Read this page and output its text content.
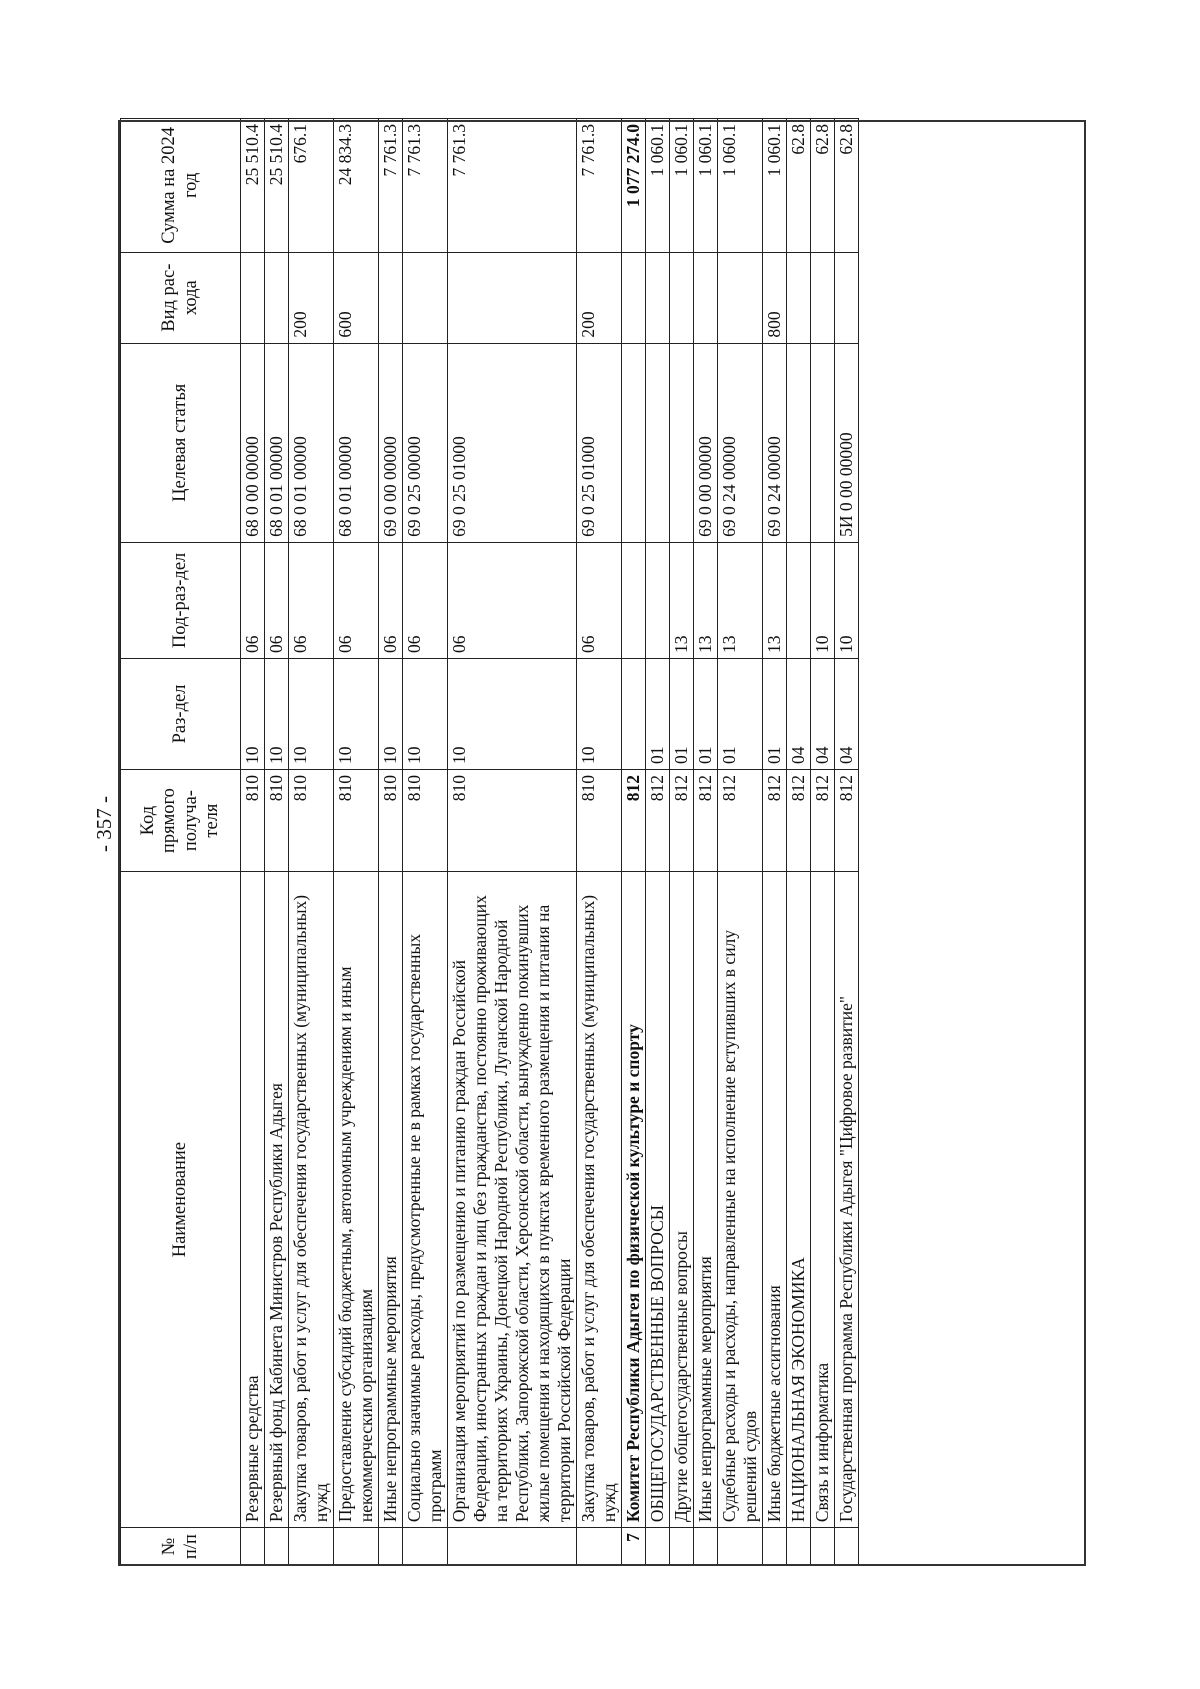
- 357 -
№ п/п	Наименование	Код прямого получа-теля	Раз-дел	Под-раз-дел	Целевая статья	Вид рас-хода	Сумма на 2024 год
	Резервные средства	810	10	06	68 0 00 00000		25 510.4
	Резервный фонд Кабинета Министров Республики Адыгея	810	10	06	68 0 01 00000		25 510.4
	Закупка товаров, работ и услуг для обеспечения государственных (муниципальных) нужд	810	10	06	68 0 01 00000	200	676.1
	Предоставление субсидий бюджетным, автономным учреждениям и иным некоммерческим организациям	810	10	06	68 0 01 00000	600	24 834.3
	Иные непрограммные мероприятия	810	10	06	69 0 00 00000		7 761.3
	Социально значимые расходы, предусмотренные не в рамках государственных программ	810	10	06	69 0 25 00000		7 761.3
	Организация мероприятий по размещению и питанию граждан Российской Федерации, иностранных граждан и лиц без гражданства, постоянно проживающих на территориях Украины, Донецкой Народной Республики, Луганской Народной Республики, Запорожской области, Херсонской области, вынужденно покинувших жилые помещения и находящихся в пунктах временного размещения и питания на территории Российской Федерации	810	10	06	69 0 25 01000		7 761.3
	Закупка товаров, работ и услуг для обеспечения государственных (муниципальных) нужд	810	10	06	69 0 25 01000	200	7 761.3
7	Комитет Республики Адыгея по физической культуре и спорту	812					1 077 274.0
	ОБЩЕГОСУДАРСТВЕННЫЕ ВОПРОСЫ	812	01				1 060.1
	Другие общегосударственные вопросы	812	01	13			1 060.1
	Иные непрограммные мероприятия	812	01	13	69 0 00 00000		1 060.1
	Судебные расходы и расходы, направленные на исполнение вступивших в силу решений судов	812	01	13	69 0 24 00000		1 060.1
	Иные бюджетные ассигнования	812	01	13	69 0 24 00000	800	1 060.1
	НАЦИОНАЛЬНАЯ ЭКОНОМИКА	812	04				62.8
	Связь и информатика	812	04	10			62.8
	Государственная программа Республики Адыгея "Цифровое развитие"	812	04	10	5И 0 00 00000		62.8
